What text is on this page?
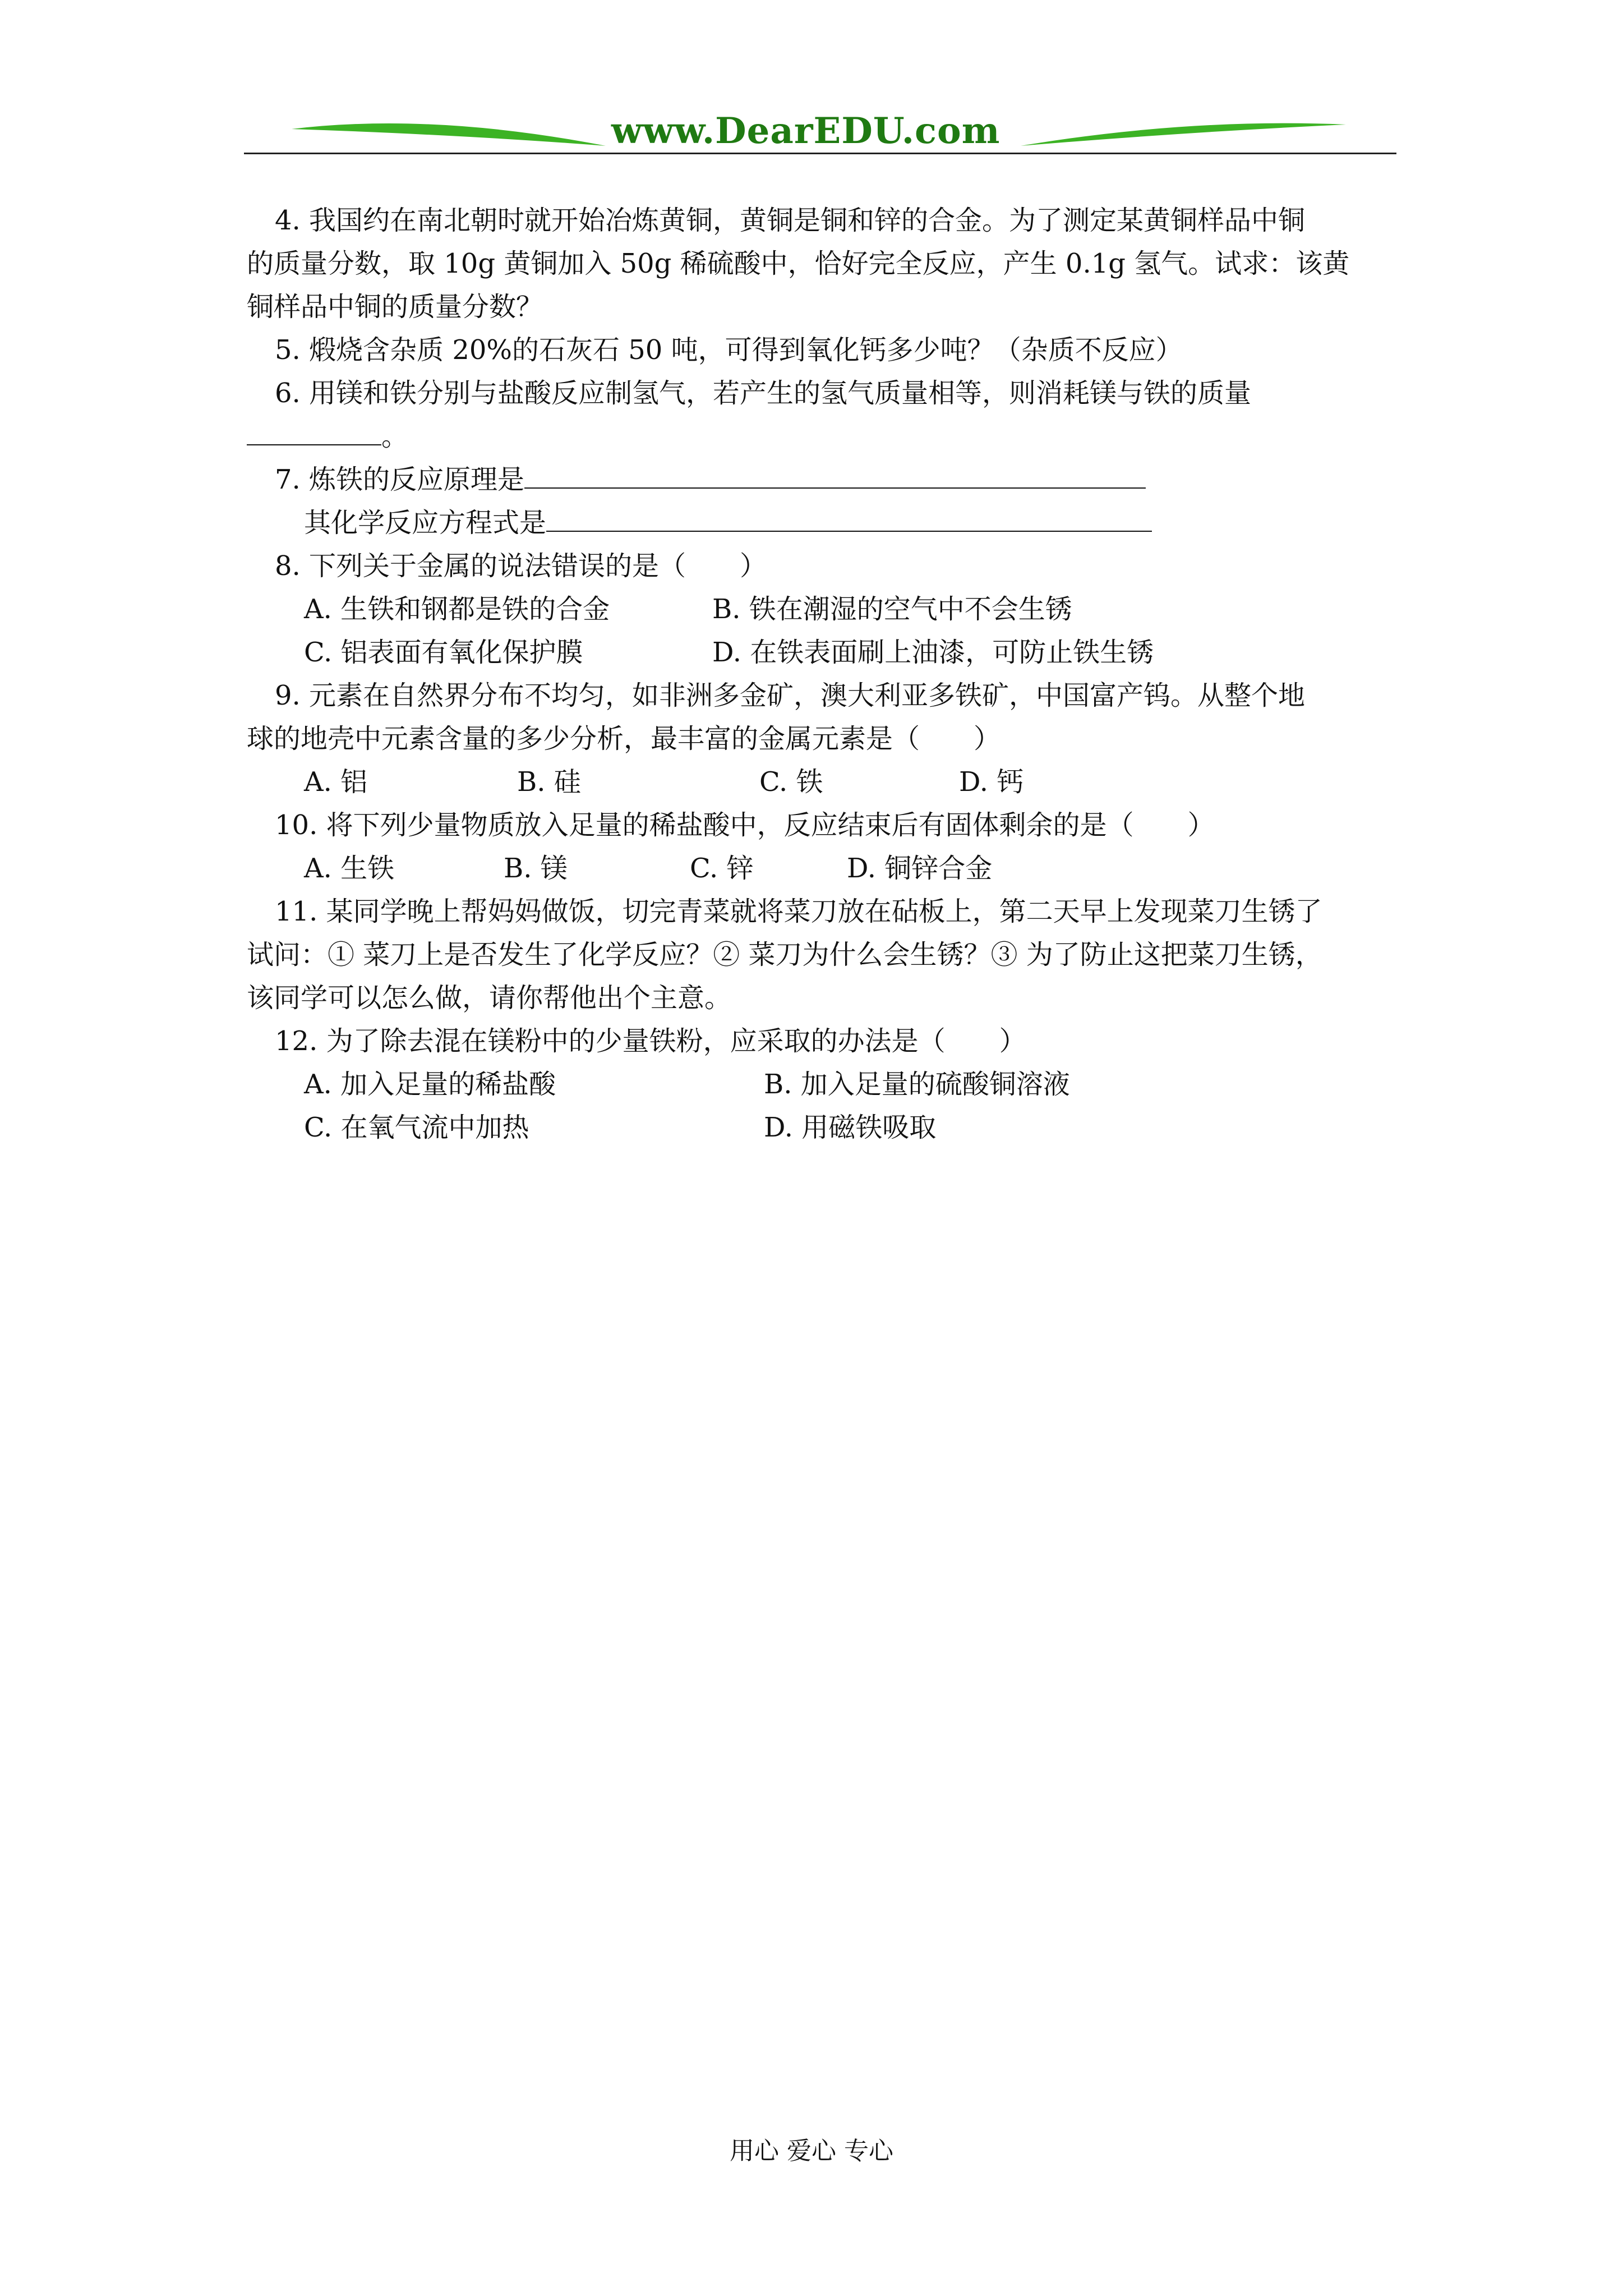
www.DearEDU.com
4. 我国约在南北朝时就开始冶炼黄铜，黄铜是铜和锌的合金。为了测定某黄铜样品中铜
的质量分数，取 10g 黄铜加入 50g 稀硫酸中，恰好完全反应，产生 0.1g 氢气。试求：该黄
铜样品中铜的质量分数？
5. 煅烧含杂质 20%的石灰石 50 吨，可得到氧化钙多少吨？（杂质不反应）
6. 用镁和铁分别与盐酸反应制氢气，若产生的氢气质量相等，则消耗镁与铁的质量
。
7. 炼铁的反应原理是
其化学反应方程式是
8. 下列关于金属的说法错误的是（　　）
A. 生铁和钢都是铁的合金	B. 铁在潮湿的空气中不会生锈
C. 铝表面有氧化保护膜	D. 在铁表面刷上油漆，可防止铁生锈
9. 元素在自然界分布不均匀，如非洲多金矿，澳大利亚多铁矿，中国富产钨。从整个地
球的地壳中元素含量的多少分析，最丰富的金属元素是（　　）
A. 铝	B. 硅	C. 铁	D. 钙
10. 将下列少量物质放入足量的稀盐酸中，反应结束后有固体剩余的是（　　）
A. 生铁	B. 镁	C. 锌	D. 铜锌合金
11. 某同学晚上帮妈妈做饭，切完青菜就将菜刀放在砧板上，第二天早上发现菜刀生锈了
试问：① 菜刀上是否发生了化学反应？② 菜刀为什么会生锈？③ 为了防止这把菜刀生锈，
该同学可以怎么做，请你帮他出个主意。
12. 为了除去混在镁粉中的少量铁粉，应采取的办法是（　　）
A. 加入足量的稀盐酸	B. 加入足量的硫酸铜溶液
C. 在氧气流中加热	D. 用磁铁吸取
用心 爱心 专心
